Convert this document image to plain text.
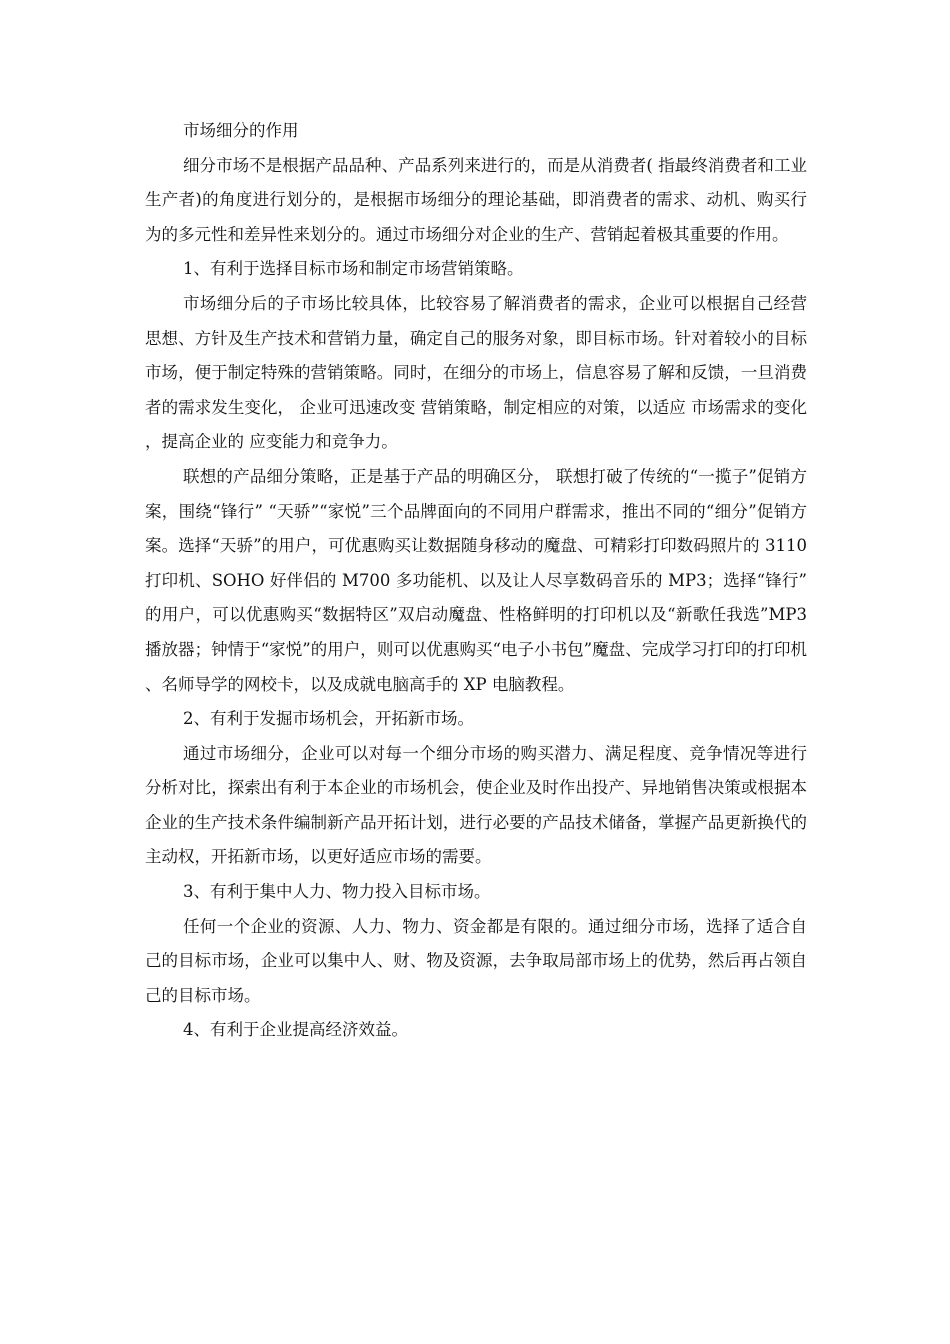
市场细分的作用

细分市场不是根据产品品种、产品系列来进行的，而是从消费者( 指最终消费者和工业生产者)的角度进行划分的，是根据市场细分的理论基础，即消费者的需求、动机、购买行为的多元性和差异性来划分的。通过市场细分对企业的生产、营销起着极其重要的作用。

1、有利于选择目标市场和制定市场营销策略。

市场细分后的子市场比较具体，比较容易了解消费者的需求，企业可以根据自己经营思想、方针及生产技术和营销力量，确定自己的服务对象，即目标市场。针对着较小的目标市场，便于制定特殊的营销策略。同时，在细分的市场上，信息容易了解和反馈，一旦消费者的需求发生变化， 企业可迅速改变 营销策略，制定相应的对策，以适应 市场需求的变化，提高企业的 应变能力和竞争力。

联想的产品细分策略，正是基于产品的明确区分， 联想打破了传统的“一揽子”促销方案，围绕“锋行” “天骄”“家悦”三个品牌面向的不同用户群需求，推出不同的“细分”促销方案。选择“天骄”的用户，可优惠购买让数据随身移动的魔盘、可精彩打印数码照片的 3110 打印机、SOHO 好伴侣的 M700 多功能机、以及让人尽享数码音乐的 MP3；选择“锋行”的用户，可以优惠购买“数据特区”双启动魔盘、性格鲜明的打印机以及“新歌任我选”MP3 播放器；钟情于“家悦”的用户，则可以优惠购买“电子小书包”魔盘、完成学习打印的打印机、名师导学的网校卡，以及成就电脑高手的 XP 电脑教程。

2、有利于发掘市场机会，开拓新市场。

通过市场细分，企业可以对每一个细分市场的购买潜力、满足程度、竞争情况等进行分析对比，探索出有利于本企业的市场机会，使企业及时作出投产、异地销售决策或根据本企业的生产技术条件编制新产品开拓计划，进行必要的产品技术储备，掌握产品更新换代的主动权，开拓新市场，以更好适应市场的需要。

3、有利于集中人力、物力投入目标市场。

任何一个企业的资源、人力、物力、资金都是有限的。通过细分市场，选择了适合自己的目标市场，企业可以集中人、财、物及资源，去争取局部市场上的优势，然后再占领自己的目标市场。

4、有利于企业提高经济效益。
